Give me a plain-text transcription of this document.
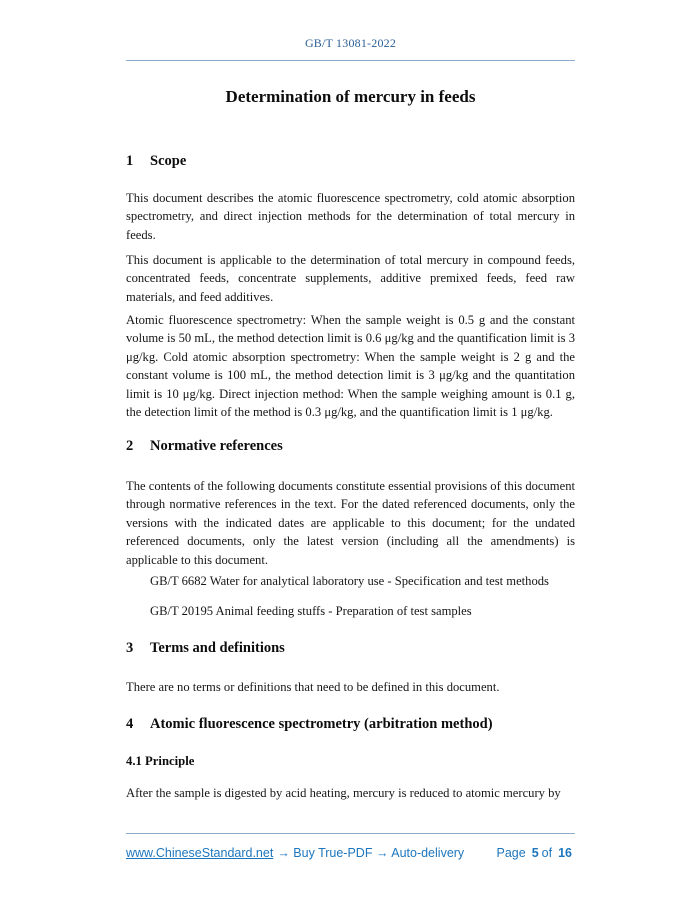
GB/T 13081-2022
Determination of mercury in feeds
1 Scope
This document describes the atomic fluorescence spectrometry, cold atomic absorption spectrometry, and direct injection methods for the determination of total mercury in feeds.
This document is applicable to the determination of total mercury in compound feeds, concentrated feeds, concentrate supplements, additive premixed feeds, feed raw materials, and feed additives.
Atomic fluorescence spectrometry: When the sample weight is 0.5 g and the constant volume is 50 mL, the method detection limit is 0.6 μg/kg and the quantification limit is 3 μg/kg. Cold atomic absorption spectrometry: When the sample weight is 2 g and the constant volume is 100 mL, the method detection limit is 3 μg/kg and the quantitation limit is 10 μg/kg. Direct injection method: When the sample weighing amount is 0.1 g, the detection limit of the method is 0.3 μg/kg, and the quantification limit is 1 μg/kg.
2 Normative references
The contents of the following documents constitute essential provisions of this document through normative references in the text. For the dated referenced documents, only the versions with the indicated dates are applicable to this document; for the undated referenced documents, only the latest version (including all the amendments) is applicable to this document.
GB/T 6682 Water for analytical laboratory use - Specification and test methods
GB/T 20195 Animal feeding stuffs - Preparation of test samples
3 Terms and definitions
There are no terms or definitions that need to be defined in this document.
4 Atomic fluorescence spectrometry (arbitration method)
4.1 Principle
After the sample is digested by acid heating, mercury is reduced to atomic mercury by
www.ChineseStandard.net → Buy True-PDF → Auto-delivery	Page 5 of 16
